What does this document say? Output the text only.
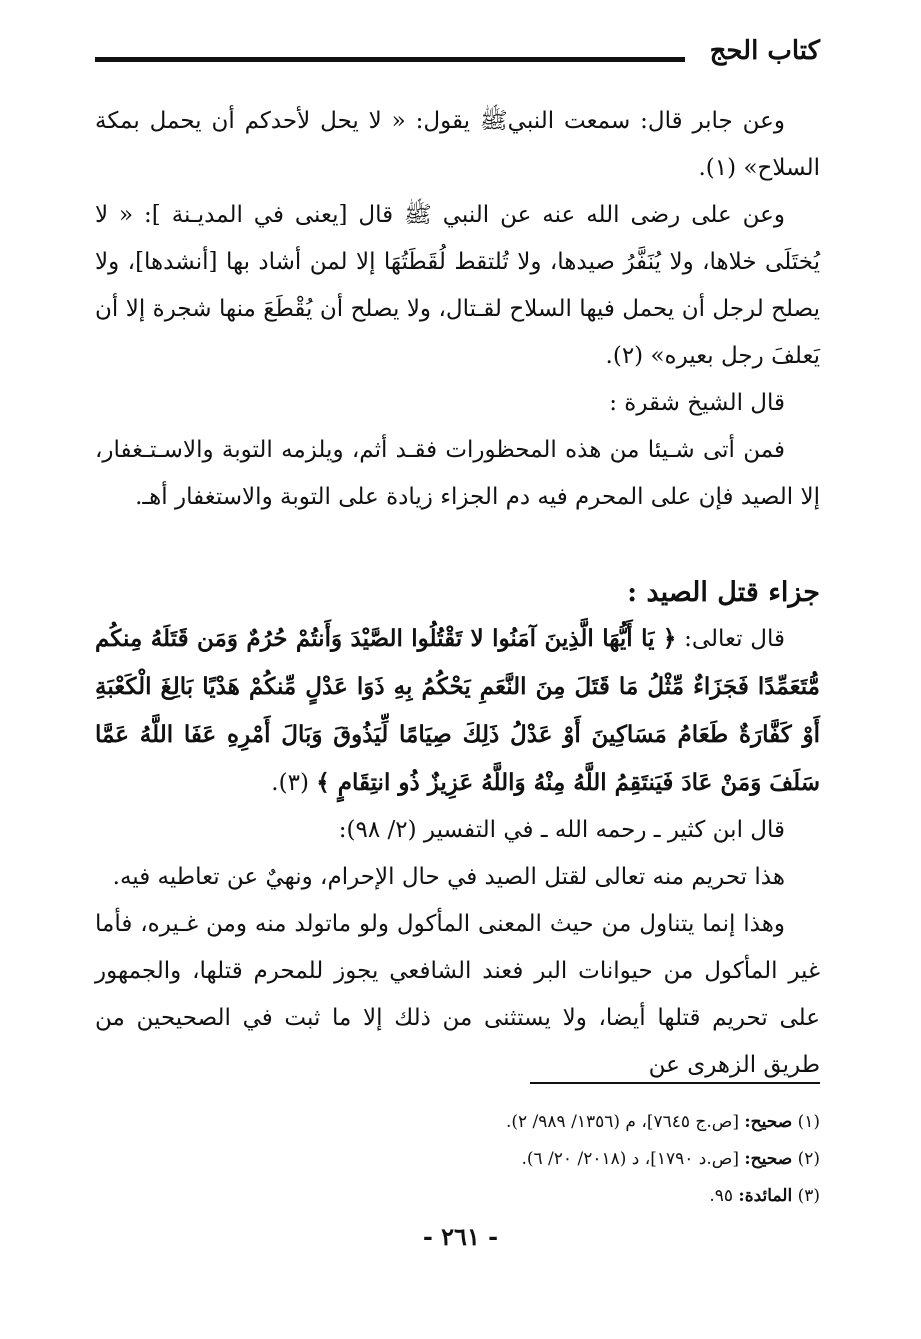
كتاب الحج

وعن جابر قال: سمعت النبيﷺ يقول: « لا يحل لأحدكم أن يحمل بمكة السلاح» (١).

وعن على رضى الله عنه عن النبي ﷺ قال [يعنى في المديـنة ]: « لا يُختَلَى خلاها، ولا يُنَفَّرُ صيدها، ولا تُلتقط لُقَطَتُهَا إلا لمن أشاد بها [أنشدها]، ولا يصلح لرجل أن يحمل فيها السلاح لقـتال، ولا يصلح أن يُقْطَعَ منها شجرة إلا أن يَعلفَ رجل بعيره» (٢).

قال الشيخ شقرة :

فمن أتى شـيئا من هذه المحظورات فقـد أثم، ويلزمه التوبة والاسـتـغفار، إلا الصيد فإن على المحرم فيه دم الجزاء زيادة على التوبة والاستغفار أهـ.

جزاء قتل الصيد :

قال تعالى: ﴿ يَا أَيُّهَا الَّذِينَ آمَنُوا لا تَقْتُلُوا الصَّيْدَ وَأَنتُمْ حُرُمٌ وَمَن قَتَلَهُ مِنكُم مُّتَعَمِّدًا فَجَزَاءٌ مِّثْلُ مَا قَتَلَ مِنَ النَّعَمِ يَحْكُمُ بِهِ ذَوَا عَدْلٍ مِّنكُمْ هَدْيًا بَالِغَ الْكَعْبَةِ أَوْ كَفَّارَةٌ طَعَامُ مَسَاكِينَ أَوْ عَدْلُ ذَلِكَ صِيَامًا لِّيَذُوقَ وَبَالَ أَمْرِهِ عَفَا اللَّهُ عَمَّا سَلَفَ وَمَنْ عَادَ فَيَنتَقِمُ اللَّهُ مِنْهُ وَاللَّهُ عَزِيزٌ ذُو انتِقَامٍ ﴾ (٣).

قال ابن كثير ـ رحمه الله ـ في التفسير (٢/ ٩٨):

هذا تحريم منه تعالى لقتل الصيد في حال الإحرام، ونهيٌ عن تعاطيه فيه.

وهذا إنما يتناول من حيث المعنى المأكول ولو ماتولد منه ومن غـيره، فأما غير المأكول من حيوانات البر فعند الشافعي يجوز للمحرم قتلها، والجمهور على تحريم قتلها أيضا، ولا يستثنى من ذلك إلا ما ثبت في الصحيحين من طريق الزهرى عن

(١) صحيح: [ص.ج ٧٦٤٥]، م (١٣٥٦/ ٩٨٩/ ٢).
(٢) صحيح: [ص.د ١٧٩٠]، د (٢٠١٨/ ٢٠/ ٦).
(٣) المائدة: ٩٥.
- ٢٦١ -
